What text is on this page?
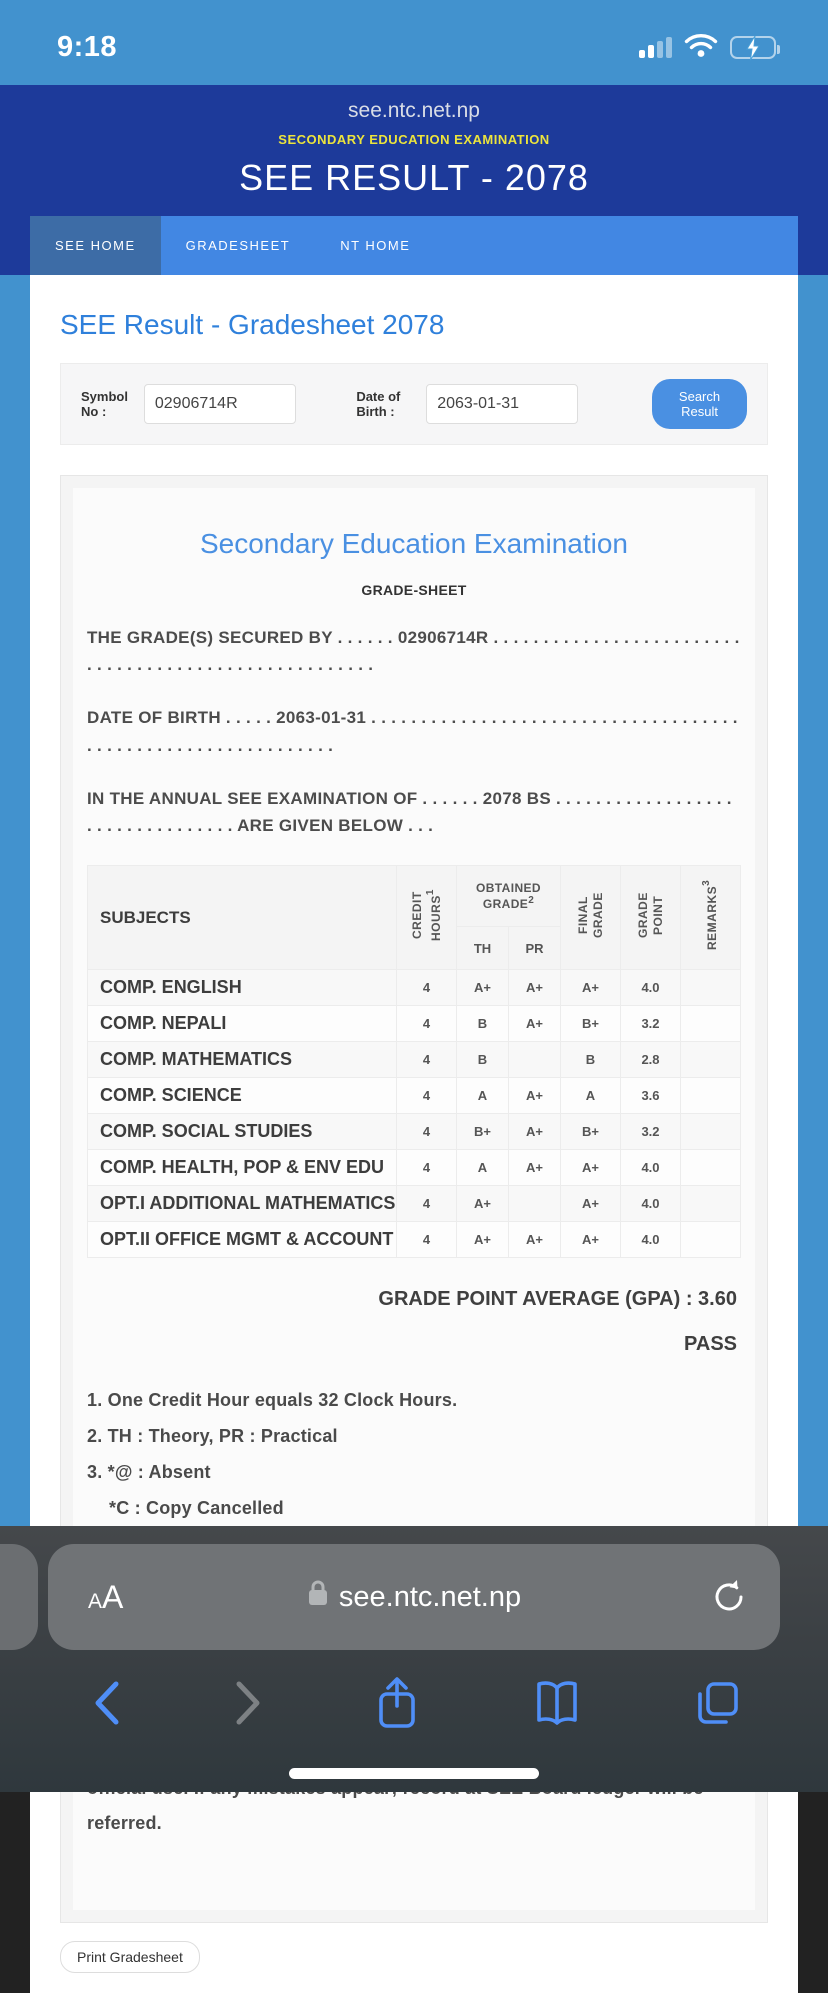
9:18
see.ntc.net.np
SECONDARY EDUCATION EXAMINATION
SEE RESULT - 2078
SEE HOME	GRADESHEET	NT HOME
SEE Result - Gradesheet 2078
Symbol No :
02906714R
Date of Birth :
2063-01-31
Search Result
Secondary Education Examination
GRADE-SHEET
THE GRADE(S) SECURED BY . . . . . . 02906714R . . . . . . . . . . . . . . . . . . . . . . . . . . . . . . . . . . . . . . . . . . . . . . . . . . . . . .
DATE OF BIRTH . . . . . 2063-01-31 . . . . . . . . . . . . . . . . . . . . . . . . . . . . . . . . . . . . . . . . . . . . . . . . . . . . . . . . . . . . . .
IN THE ANNUAL SEE EXAMINATION OF . . . . . . 2078 BS . . . . . . . . . . . . . . . . . . . . . . . . . . . . . . . . . ARE GIVEN BELOW . . .
SUBJECTS	CREDIT HOURS$^1$	OBTAINED GRADE$^2$		FINAL GRADE	GRADE POINT	REMARKS$^3$
		TH	PR			
COMP. ENGLISH	4	A+	A+	A+	4.0	
COMP. NEPALI	4	B	A+	B+	3.2	
COMP. MATHEMATICS	4	B		B	2.8	
COMP. SCIENCE	4	A	A+	A	3.6	
COMP. SOCIAL STUDIES	4	B+	A+	B+	3.2	
COMP. HEALTH, POP & ENV EDU	4	A	A+	A+	4.0	
OPT.I ADDITIONAL MATHEMATICS	4	A+		A+	4.0	
OPT.II OFFICE MGMT & ACCOUNT	4	A+	A+	A+	4.0	
GRADE POINT AVERAGE (GPA) : 3.60
PASS
1. One Credit Hour equals 32 Clock Hours.
2. TH : Theory, PR : Practical
3. *@ : Absent
*C : Copy Cancelled
referred.
Print Gradesheet
A A	see.ntc.net.np
